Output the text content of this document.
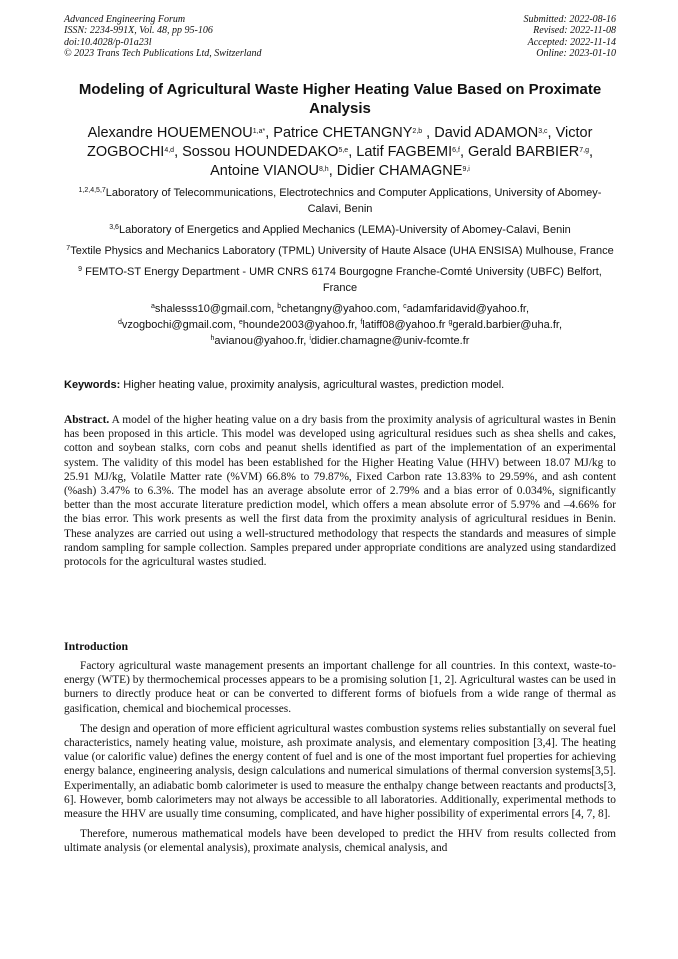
Advanced Engineering Forum
ISSN: 2234-991X, Vol. 48, pp 95-106
doi:10.4028/p-01a23l
© 2023 Trans Tech Publications Ltd, Switzerland
Submitted: 2022-08-16
Revised: 2022-11-08
Accepted: 2022-11-14
Online: 2023-01-10
Modeling of Agricultural Waste Higher Heating Value Based on Proximate Analysis
Alexandre $HOUEMENOU^{1,a*}$, Patrice CHETANGNY$^{2,b}$ , David ADAMON$^{3,c}$, Victor ZOGBOCHI$^{4,d}$, Sossou HOUNDEDAKO$^{5,e}$, Latif FAGBEMI$^{6,f}$, Gerald BARBIER$^{7,g}$, Antoine VIANOU$^{8,h}$, Didier CHAMAGNE$^{9,i}$
$^{1,2,4,5,7}$Laboratory of Telecommunications, Electrotechnics and Computer Applications, University of Abomey-Calavi, Benin
$^{3,6}$Laboratory of Energetics and Applied Mechanics (LEMA)-University of Abomey-Calavi, Benin
$^7$Textile Physics and Mechanics Laboratory (TPML) University of Haute Alsace (UHA ENSISA) Mulhouse, France
$^9$ FEMTO-ST Energy Department - UMR CNRS 6174 Bourgogne Franche-Comté University (UBFC) Belfort, France
$^a$shalesss10@gmail.com, $^b$chetangny@yahoo.com, $^c$adamfaridavid@yahoo.fr,
$^d$vzogbochi@gmail.com, $^e$hounde2003@yahoo.fr, $^f$latiff08@yahoo.fr $^g$gerald.barbier@uha.fr,
$^h$avianou@yahoo.fr, $^i$didier.chamagne@univ-fcomte.fr
Keywords: Higher heating value, proximity analysis, agricultural wastes, prediction model.
Abstract. A model of the higher heating value on a dry basis from the proximity analysis of agricultural wastes in Benin has been proposed in this article. This model was developed using agricultural residues such as shea shells and cakes, cotton and soybean stalks, corn cobs and peanut shells identified as part of the implementation of an experimental system. The validity of this model has been established for the Higher Heating Value (HHV) between 18.07 MJ/kg to 25.91 MJ/kg, Volatile Matter rate (%VM) 66.8% to 79.87%, Fixed Carbon rate 13.83% to 29.59%, and ash content (%ash) 3.47% to 6.3%. The model has an average absolute error of 2.79% and a bias error of 0.034%, significantly better than the most accurate literature prediction model, which offers a mean absolute error of 5.97% and –4.66% for the bias error. This work presents as well the first data from the proximity analysis of agricultural residues in Benin. These analyzes are carried out using a well-structured methodology that respects the standards and measures of simple random sampling for sample collection. Samples prepared under appropriate conditions are analyzed using standardized protocols for the agricultural wastes studied.
Introduction

Factory agricultural waste management presents an important challenge for all countries. In this context, waste-to-energy (WTE) by thermochemical processes appears to be a promising solution [1, 2]. Agricultural wastes can be used in burners to directly produce heat or can be converted to different forms of biofuels from a wide range of thermal as gasification, chemical and biochemical processes.

The design and operation of more efficient agricultural wastes combustion systems relies substantially on several fuel characteristics, namely heating value, moisture, ash proximate analysis, and elementary composition [3,4]. The heating value (or calorific value) defines the energy content of fuel and is one of the most important fuel properties for achieving energy balance, engineering analysis, design calculations and numerical simulations of thermal conversion systems[3,5]. Experimentally, an adiabatic bomb calorimeter is used to measure the enthalpy change between reactants and products[3, 6]. However, bomb calorimeters may not always be accessible to all laboratories. Additionally, experimental methods to measure the HHV are usually time consuming, complicated, and have higher possibility of experimental errors [4, 7, 8].

Therefore, numerous mathematical models have been developed to predict the HHV from results collected from ultimate analysis (or elemental analysis), proximate analysis, chemical analysis, and
